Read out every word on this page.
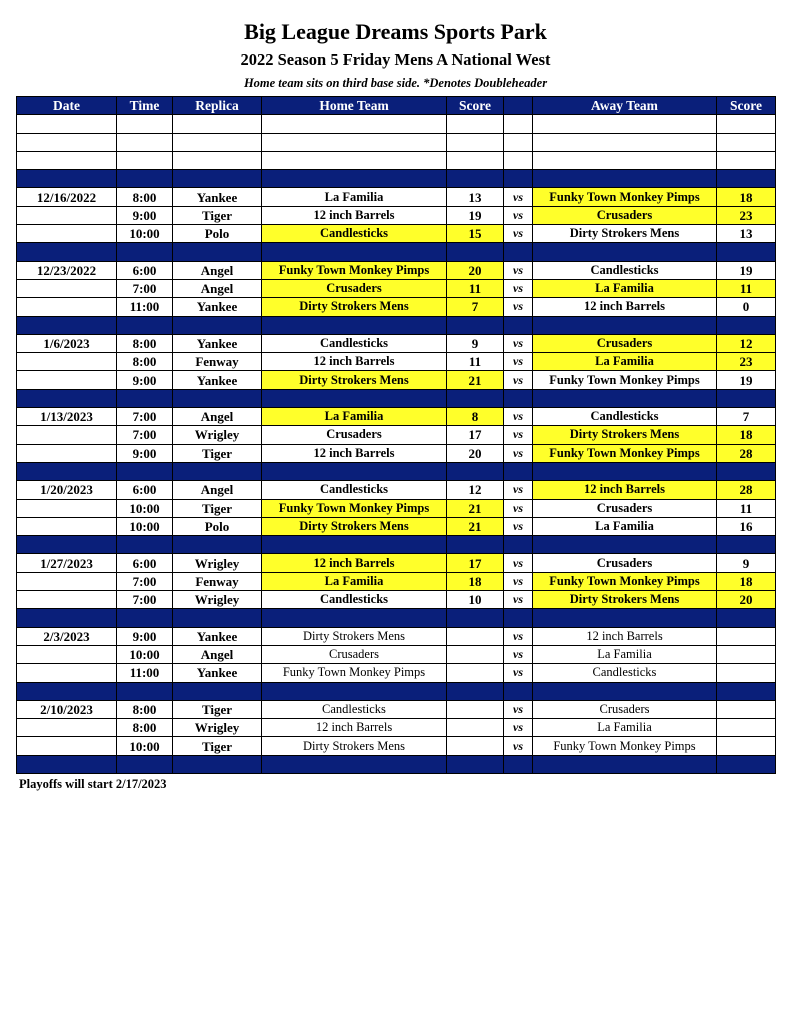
Big League Dreams Sports Park
2022 Season 5 Friday Mens A National West
Home team sits on third base side. *Denotes Doubleheader
Date	Time	Replica	Home Team	Score		Away Team	Score

12/16/2022	8:00	Yankee	La Familia	13	vs	Funky Town Monkey Pimps	18
	9:00	Tiger	12 inch Barrels	19	vs	Crusaders	23
	10:00	Polo	Candlesticks	15	vs	Dirty Strokers Mens	13

12/23/2022	6:00	Angel	Funky Town Monkey Pimps	20	vs	Candlesticks	19
	7:00	Angel	Crusaders	11	vs	La Familia	11
	11:00	Yankee	Dirty Strokers Mens	7	vs	12 inch Barrels	0

1/6/2023	8:00	Yankee	Candlesticks	9	vs	Crusaders	12
	8:00	Fenway	12 inch Barrels	11	vs	La Familia	23
	9:00	Yankee	Dirty Strokers Mens	21	vs	Funky Town Monkey Pimps	19

1/13/2023	7:00	Angel	La Familia	8	vs	Candlesticks	7
	7:00	Wrigley	Crusaders	17	vs	Dirty Strokers Mens	18
	9:00	Tiger	12 inch Barrels	20	vs	Funky Town Monkey Pimps	28

1/20/2023	6:00	Angel	Candlesticks	12	vs	12 inch Barrels	28
	10:00	Tiger	Funky Town Monkey Pimps	21	vs	Crusaders	11
	10:00	Polo	Dirty Strokers Mens	21	vs	La Familia	16

1/27/2023	6:00	Wrigley	12 inch Barrels	17	vs	Crusaders	9
	7:00	Fenway	La Familia	18	vs	Funky Town Monkey Pimps	18
	7:00	Wrigley	Candlesticks	10	vs	Dirty Strokers Mens	20

2/3/2023	9:00	Yankee	Dirty Strokers Mens		vs	12 inch Barrels	
	10:00	Angel	Crusaders		vs	La Familia	
	11:00	Yankee	Funky Town Monkey Pimps		vs	Candlesticks	

2/10/2023	8:00	Tiger	Candlesticks		vs	Crusaders	
	8:00	Wrigley	12 inch Barrels		vs	La Familia	
	10:00	Tiger	Dirty Strokers Mens		vs	Funky Town Monkey Pimps	

Playoffs will start 2/17/2023
